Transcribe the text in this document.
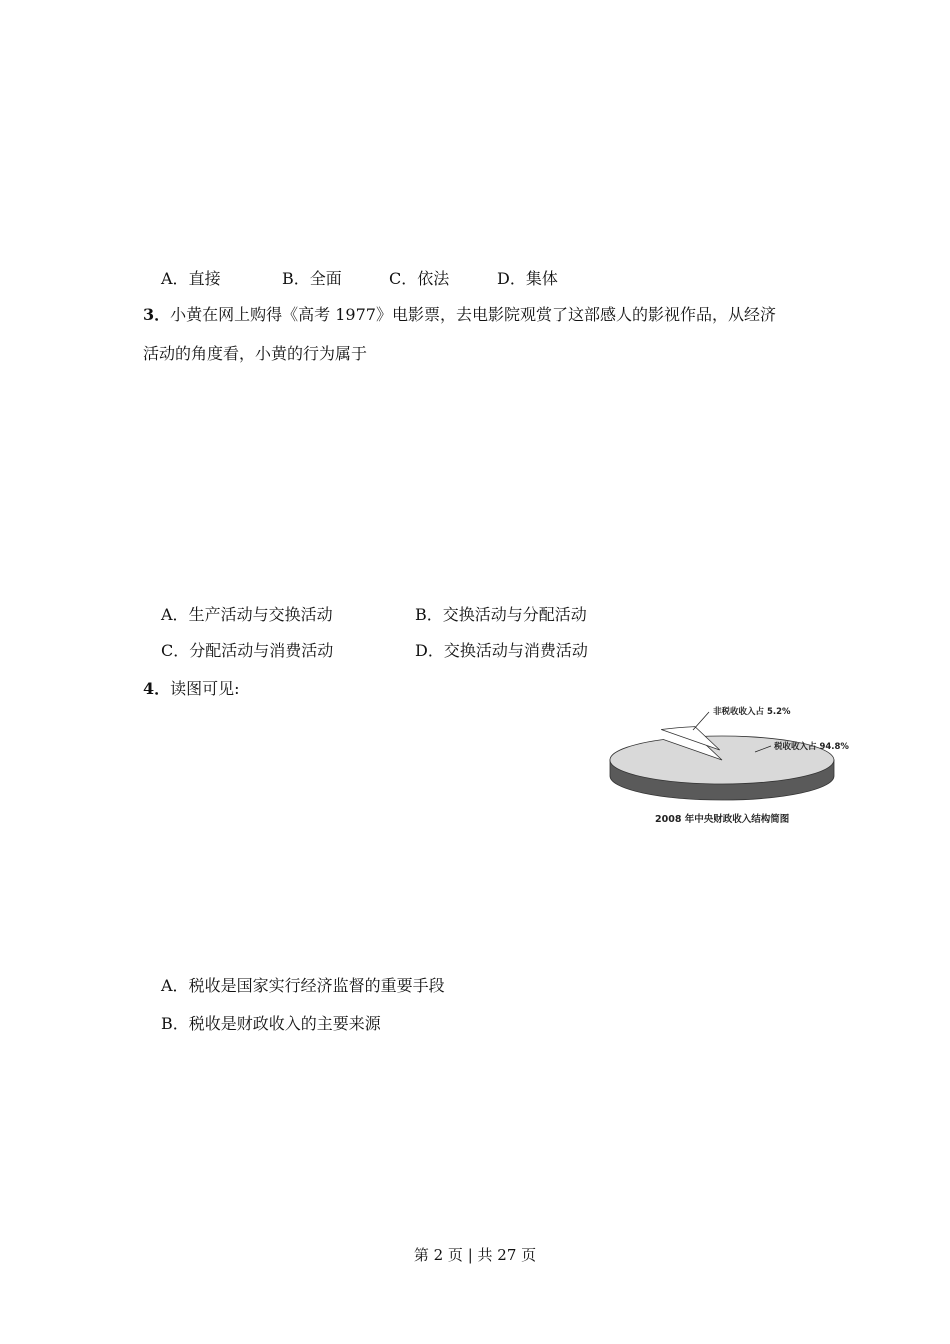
A．直接	B．全面	C．依法	D．集体
3．小黄在网上购得《高考 1977》电影票，去电影院观赏了这部感人的影视作品，从经济
活动的角度看，小黄的行为属于
A．生产活动与交换活动	B．交换活动与分配活动
C．分配活动与消费活动	D．交换活动与消费活动
4．读图可见:
非税收收入占 5.2%
税收收入占 94.8%
2008 年中央财政收入结构简图
A．税收是国家实行经济监督的重要手段
B．税收是财政收入的主要来源
第 2 页 | 共 27 页
